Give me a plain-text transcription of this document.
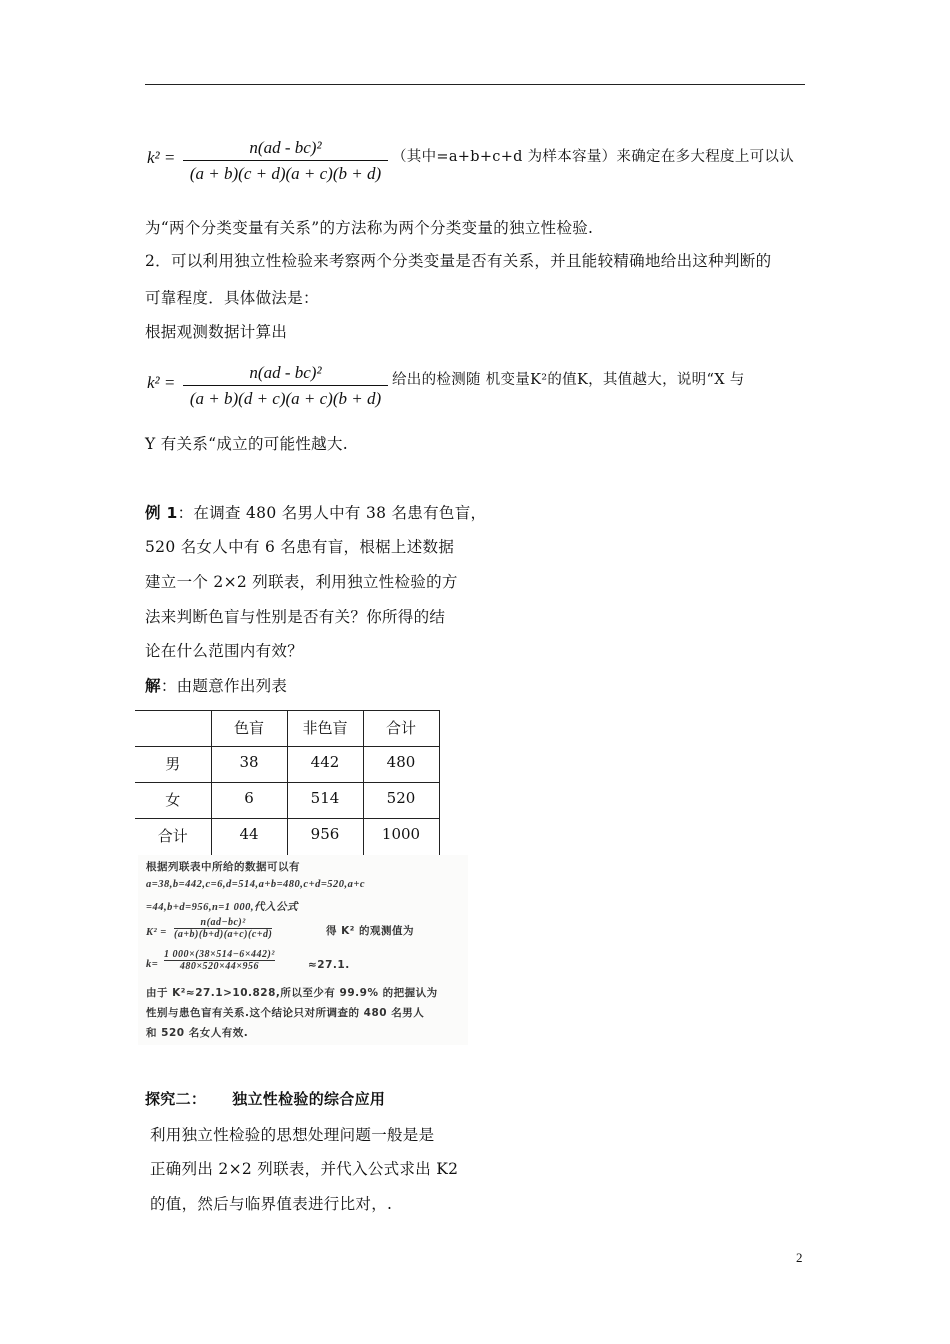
k² =
n(ad - bc)²
(a + b)(c + d)(a + c)(b + d)
（其中=a+b+c+d 为样本容量）来确定在多大程度上可以认
为“两个分类变量有关系”的方法称为两个分类变量的独立性检验.
2．可以利用独立性检验来考察两个分类变量是否有关系，并且能较精确地给出这种判断的
可靠程度．具体做法是：
根据观测数据计算出
k² =
n(ad - bc)²
(a + b)(d + c)(a + c)(b + d)
给出的检测随 机变量K²的值K，其值越大，说明“X 与
Y 有关系“成立的可能性越大.
例 1：在调查 480 名男人中有 38 名患有色盲，
520 名女人中有 6 名患有盲，根椐上述数据
建立一个 2×2 列联表，利用独立性检验的方
法来判断色盲与性别是否有关？你所得的结
论在什么范围内有效？
解：由题意作出列表
	色盲	非色盲	合计
男	38	442	480
女	6	514	520
合计	44	956	1000
根据列联表中所给的数据可以有
a=38,b=442,c=6,d=514,a+b=480,c+d=520,a+c
=44,b+d=956,n=1 000,代入公式
K² =
n(ad−bc)²
(a+b)(b+d)(a+c)(c+d)	得 K² 的观测值为
k=
1 000×(38×514−6×442)²
480×520×44×956	≈27.1.
由于 K²≈27.1>10.828,所以至少有 99.9% 的把握认为
性别与患色盲有关系.这个结论只对所调查的 480 名男人
和 520 名女人有效.
探究二： 独立性检验的综合应用
利用独立性检验的思想处理问题一般是是
正确列出 2×2 列联表，并代入公式求出 K2
的值，然后与临界值表进行比对，.
2
